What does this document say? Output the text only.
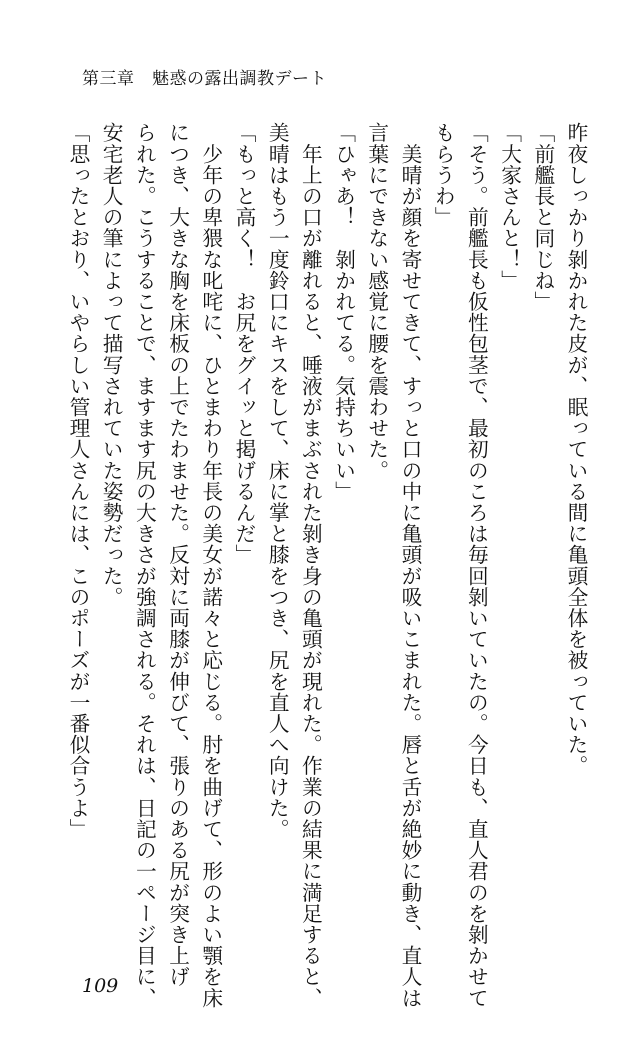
第三章　魅惑の露出調教デート
昨夜しっかり剝かれた皮が、眠っている間に亀頭全体を被っていた。
「前艦長と同じね」
「大家さんと！」
「そう。前艦長も仮性包茎で、最初のころは毎回剝いていたの。今日も、直人君のを剝かせて
もらうわ」
　美晴が顔を寄せてきて、すっと口の中に亀頭が吸いこまれた。唇と舌が絶妙に動き、直人は
言葉にできない感覚に腰を震わせた。
「ひゃあ！　剝かれてる。気持ちいい」
　年上の口が離れると、唾液がまぶされた剝き身の亀頭が現れた。作業の結果に満足すると、
美晴はもう一度鈴口にキスをして、床に掌と膝をつき、尻を直人へ向けた。
「もっと高く！　お尻をグイッと掲げるんだ」
　少年の卑猥な叱咤に、ひとまわり年長の美女が諾々と応じる。肘を曲げて、形のよい顎を床
につき、大きな胸を床板の上でたわませた。反対に両膝が伸びて、張りのある尻が突き上げ
られた。こうすることで、ますます尻の大きさが強調される。それは、日記の一ページ目に、
安宅老人の筆によって描写されていた姿勢だった。
「思ったとおり、いやらしい管理人さんには、このポーズが一番似合うよ」
109
